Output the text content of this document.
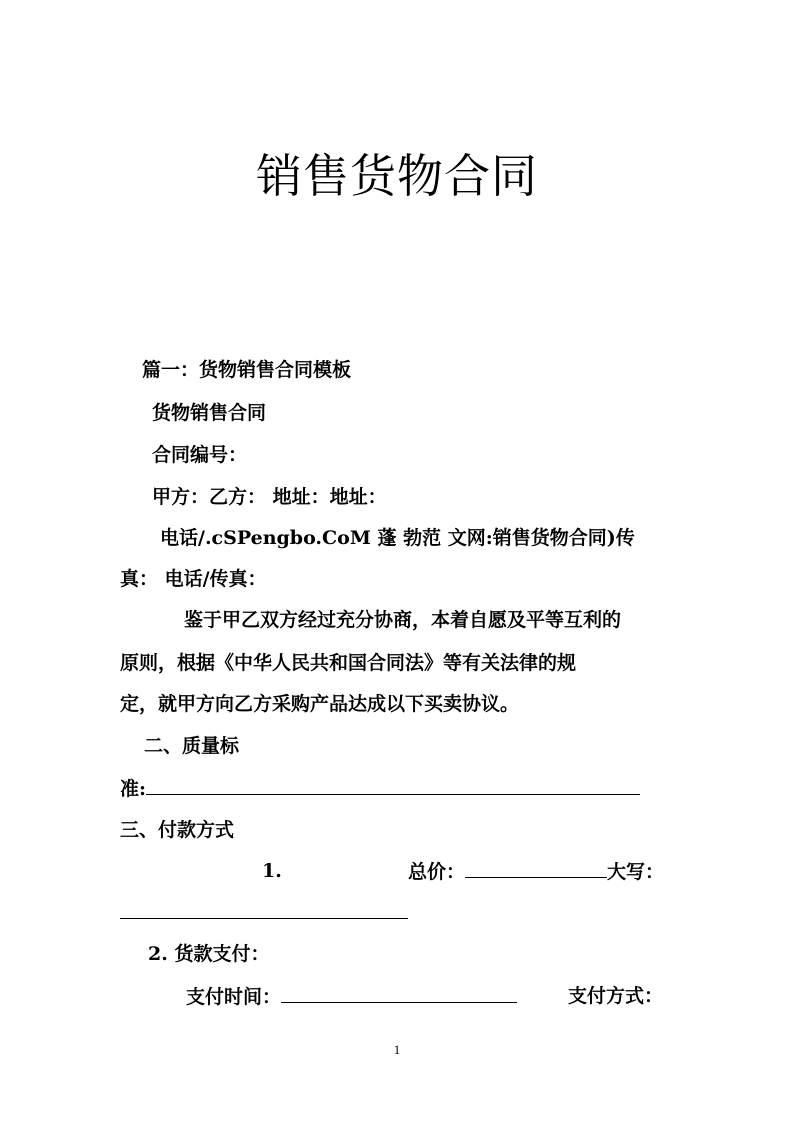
销售货物合同
篇一：货物销售合同模板
货物销售合同
合同编号：
甲方：乙方： 地址：地址：
电话/.cSPengbo.CoM 蓬 勃范 文网:销售货物合同)传
真： 电话/传真：
鉴于甲乙双方经过充分协商，本着自愿及平等互利的
原则，根据《中华人民共和国合同法》等有关法律的规
定，就甲方向乙方采购产品达成以下买卖协议。
二、质量标
准:
三、付款方式
1.	总价：	大写：
2. 货款支付：
支付时间：	支付方式：
1
